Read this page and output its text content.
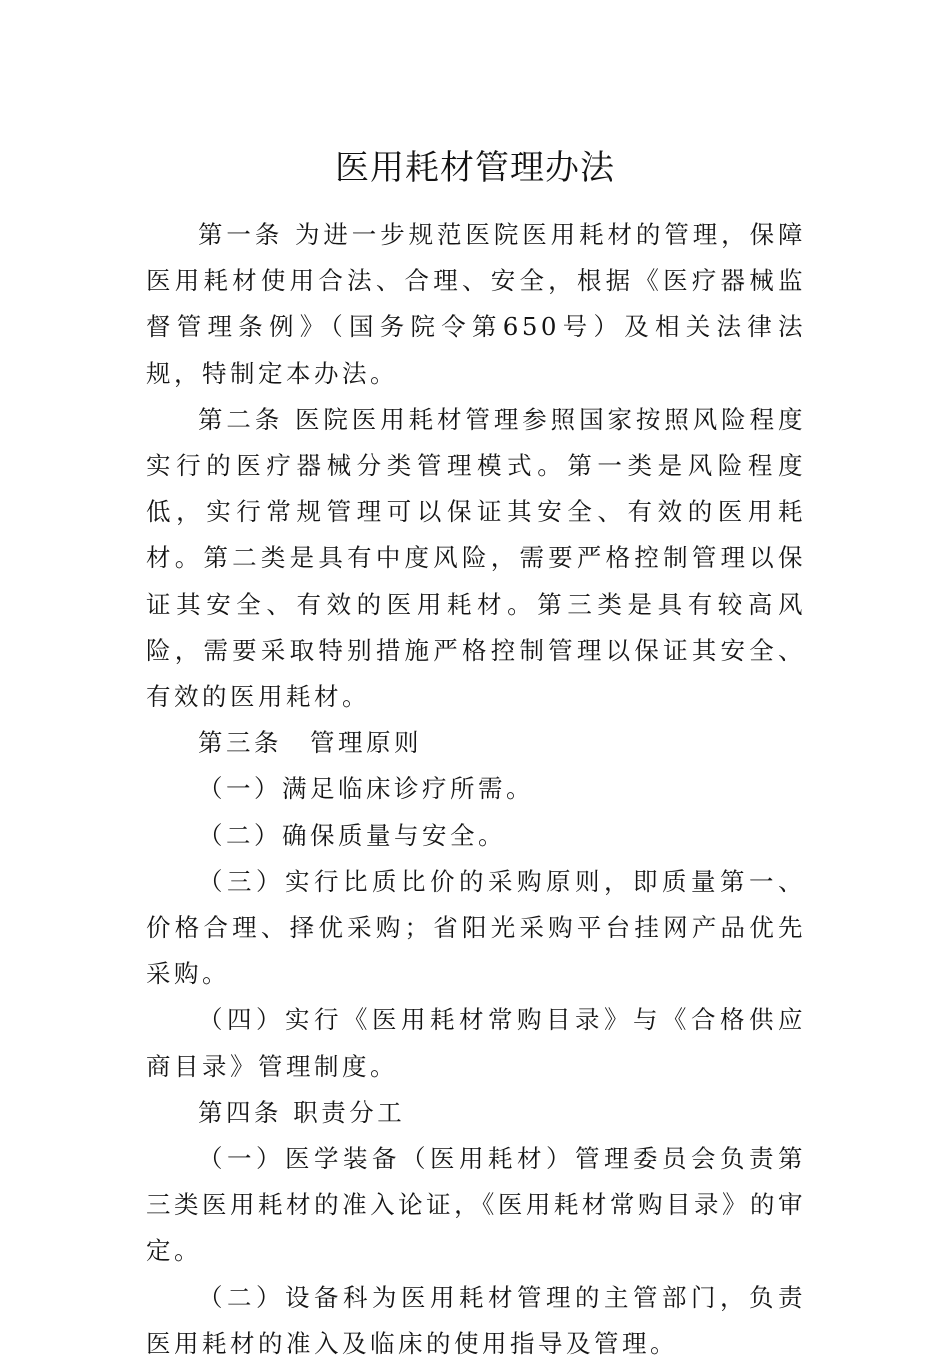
医用耗材管理办法

第一条 为进一步规范医院医用耗材的管理，保障医用耗材使用合法、合理、安全，根据《医疗器械监督管理条例》（国务院令第650号）及相关法律法规，特制定本办法。

第二条 医院医用耗材管理参照国家按照风险程度实行的医疗器械分类管理模式。第一类是风险程度低，实行常规管理可以保证其安全、有效的医用耗材。第二类是具有中度风险，需要严格控制管理以保证其安全、有效的医用耗材。第三类是具有较高风险，需要采取特别措施严格控制管理以保证其安全、有效的医用耗材。

第三条　管理原则

（一）满足临床诊疗所需。

（二）确保质量与安全。

（三）实行比质比价的采购原则，即质量第一、价格合理、择优采购；省阳光采购平台挂网产品优先采购。

（四）实行《医用耗材常购目录》与《合格供应商目录》管理制度。

第四条 职责分工

（一）医学装备（医用耗材）管理委员会负责第三类医用耗材的准入论证，《医用耗材常购目录》的审定。

（二）设备科为医用耗材管理的主管部门，负责医用耗材的准入及临床的使用指导及管理。
